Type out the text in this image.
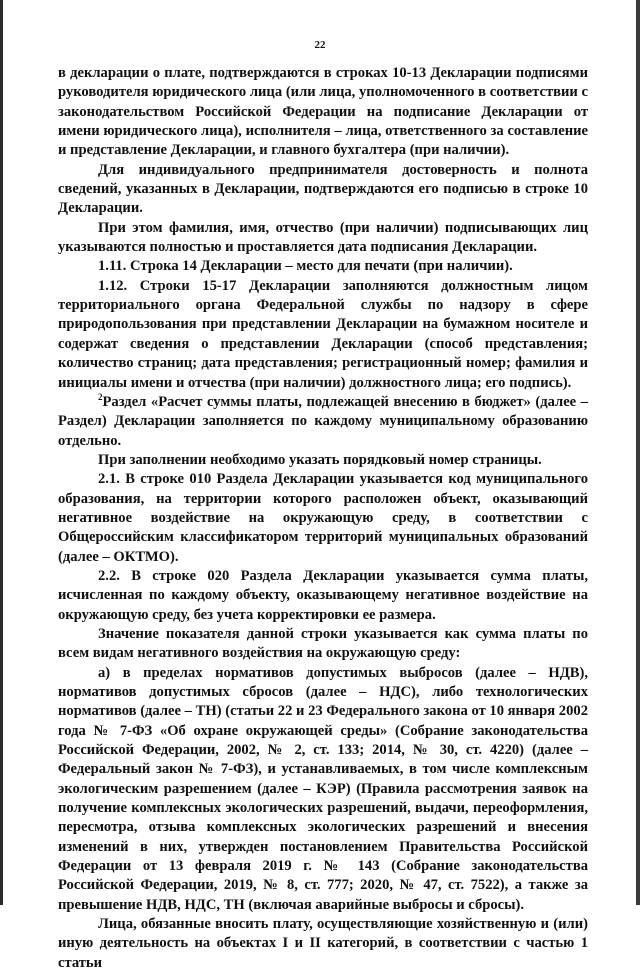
22

в декларации о плате, подтверждаются в строках 10-13 Декларации подписями руководителя юридического лица (или лица, уполномоченного в соответствии с законодательством Российской Федерации на подписание Декларации от имени юридического лица), исполнителя – лица, ответственного за составление и представление Декларации, и главного бухгалтера (при наличии).

Для индивидуального предпринимателя достоверность и полнота сведений, указанных в Декларации, подтверждаются его подписью в строке 10 Декларации.

При этом фамилия, имя, отчество (при наличии) подписывающих лиц указываются полностью и проставляется дата подписания Декларации.

1.11. Строка 14 Декларации – место для печати (при наличии).

1.12. Строки 15-17 Декларации заполняются должностным лицом территориального органа Федеральной службы по надзору в сфере природопользования при представлении Декларации на бумажном носителе и содержат сведения о представлении Декларации (способ представления; количество страниц; дата представления; регистрационный номер; фамилия и инициалы имени и отчества (при наличии) должностного лица; его подпись).

$^2$Раздел «Расчет суммы платы, подлежащей внесению в бюджет» (далее – Раздел) Декларации заполняется по каждому муниципальному образованию отдельно.

При заполнении необходимо указать порядковый номер страницы.

2.1. В строке 010 Раздела Декларации указывается код муниципального образования, на территории которого расположен объект, оказывающий негативное воздействие на окружающую среду, в соответствии с Общероссийским классификатором территорий муниципальных образований (далее – ОКТМО).

2.2. В строке 020 Раздела Декларации указывается сумма платы, исчисленная по каждому объекту, оказывающему негативное воздействие на окружающую среду, без учета корректировки ее размера.

Значение показателя данной строки указывается как сумма платы по всем видам негативного воздействия на окружающую среду:

а) в пределах нормативов допустимых выбросов (далее – НДВ), нормативов допустимых сбросов (далее – НДС), либо технологических нормативов (далее – ТН) (статьи 22 и 23 Федерального закона от 10 января 2002 года № 7-ФЗ «Об охране окружающей среды» (Собрание законодательства Российской Федерации, 2002, № 2, ст. 133; 2014, № 30, ст. 4220) (далее – Федеральный закон № 7-ФЗ), и устанавливаемых, в том числе комплексным экологическим разрешением (далее – КЭР) (Правила рассмотрения заявок на получение комплексных экологических разрешений, выдачи, переоформления, пересмотра, отзыва комплексных экологических разрешений и внесения изменений в них, утвержден постановлением Правительства Российской Федерации от 13 февраля 2019 г. № 143 (Собрание законодательства Российской Федерации, 2019, № 8, ст. 777; 2020, № 47, ст. 7522), а также за превышение НДВ, НДС, ТН (включая аварийные выбросы и сбросы).

Лица, обязанные вносить плату, осуществляющие хозяйственную и (или) иную деятельность на объектах I и II категорий, в соответствии с частью 1 статьи
